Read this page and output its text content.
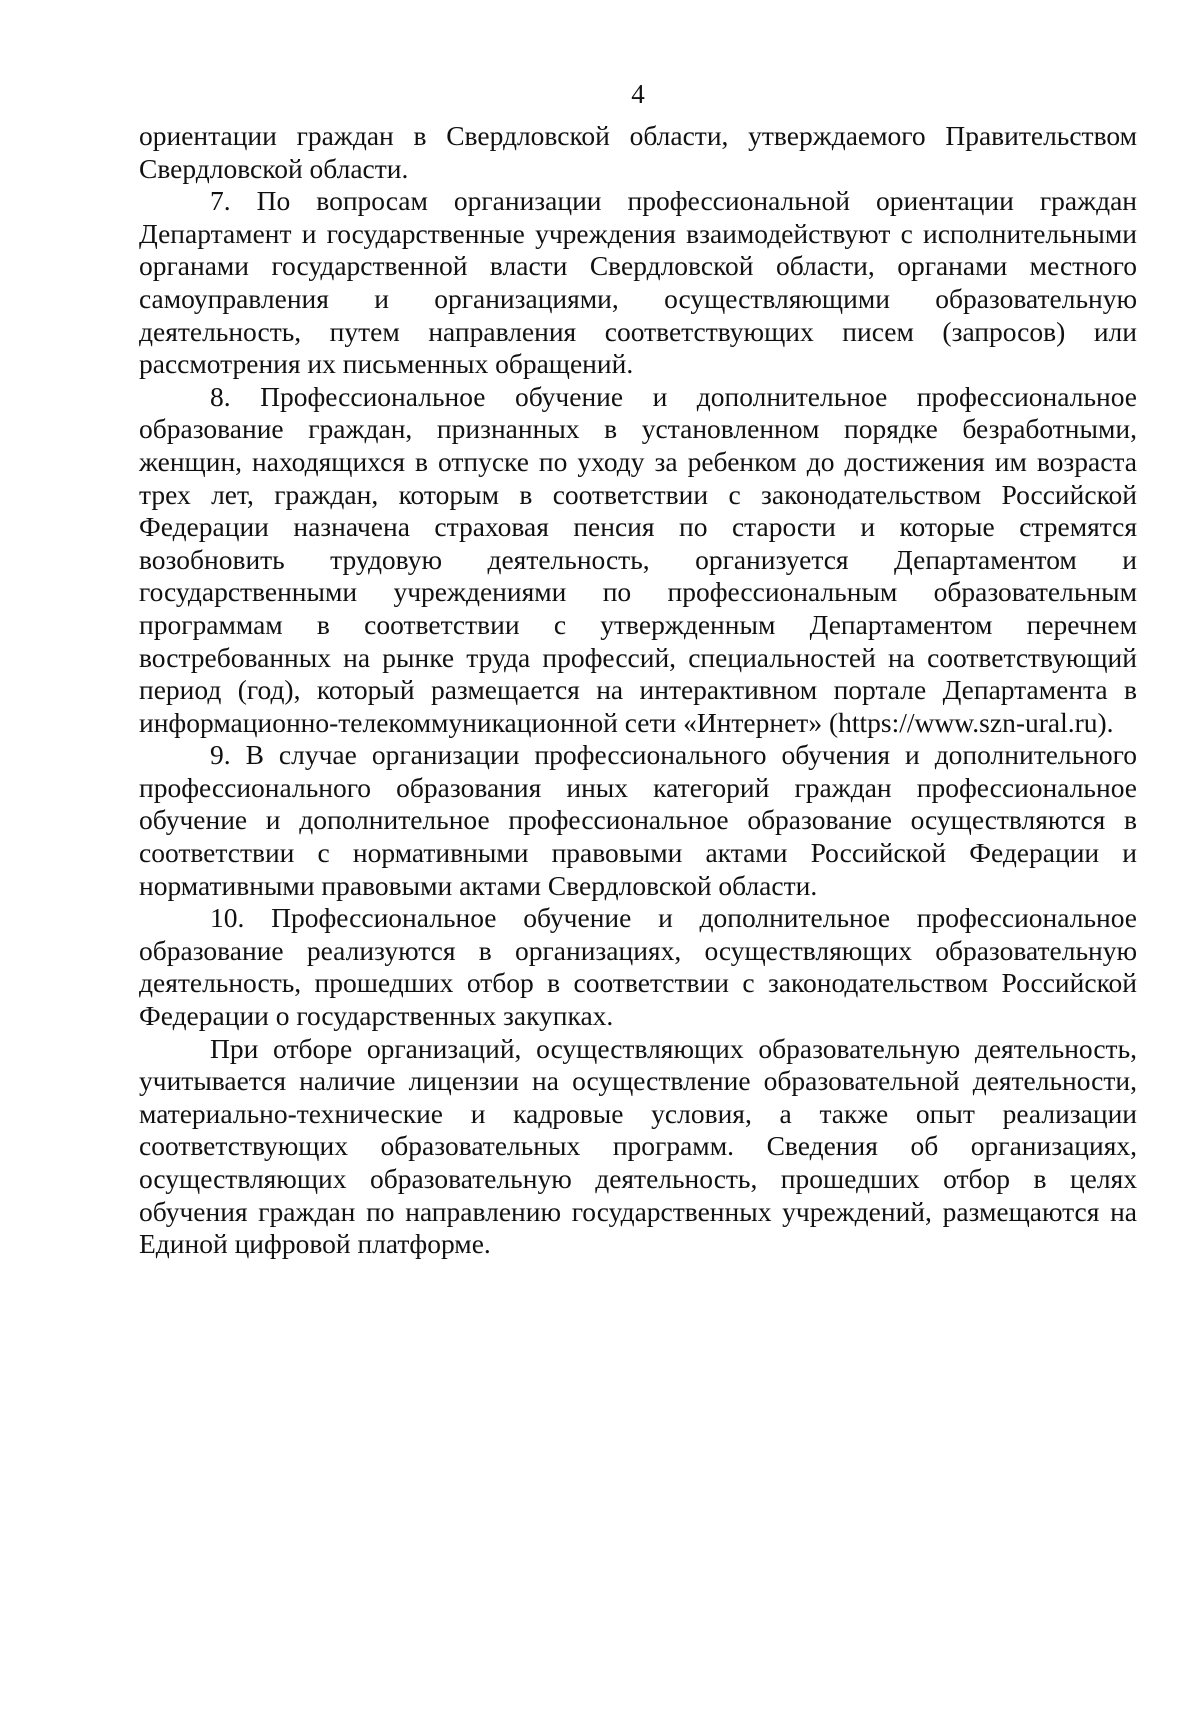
4

ориентации граждан в Свердловской области, утверждаемого Правительством Свердловской области.

7. По вопросам организации профессиональной ориентации граждан Департамент и государственные учреждения взаимодействуют с исполнительными органами государственной власти Свердловской области, органами местного самоуправления и организациями, осуществляющими образовательную деятельность, путем направления соответствующих писем (запросов) или рассмотрения их письменных обращений.

8. Профессиональное обучение и дополнительное профессиональное образование граждан, признанных в установленном порядке безработными, женщин, находящихся в отпуске по уходу за ребенком до достижения им возраста трех лет, граждан, которым в соответствии с законодательством Российской Федерации назначена страховая пенсия по старости и которые стремятся возобновить трудовую деятельность, организуется Департаментом и государственными учреждениями по профессиональным образовательным программам в соответствии с утвержденным Департаментом перечнем востребованных на рынке труда профессий, специальностей на соответствующий период (год), который размещается на интерактивном портале Департамента в информационно-телекоммуникационной сети «Интернет» (https://www.szn-ural.ru).

9. В случае организации профессионального обучения и дополнительного профессионального образования иных категорий граждан профессиональное обучение и дополнительное профессиональное образование осуществляются в соответствии с нормативными правовыми актами Российской Федерации и нормативными правовыми актами Свердловской области.

10. Профессиональное обучение и дополнительное профессиональное образование реализуются в организациях, осуществляющих образовательную деятельность, прошедших отбор в соответствии с законодательством Российской Федерации о государственных закупках.

При отборе организаций, осуществляющих образовательную деятельность, учитывается наличие лицензии на осуществление образовательной деятельности, материально-технические и кадровые условия, а также опыт реализации соответствующих образовательных программ. Сведения об организациях, осуществляющих образовательную деятельность, прошедших отбор в целях обучения граждан по направлению государственных учреждений, размещаются на Единой цифровой платформе.
